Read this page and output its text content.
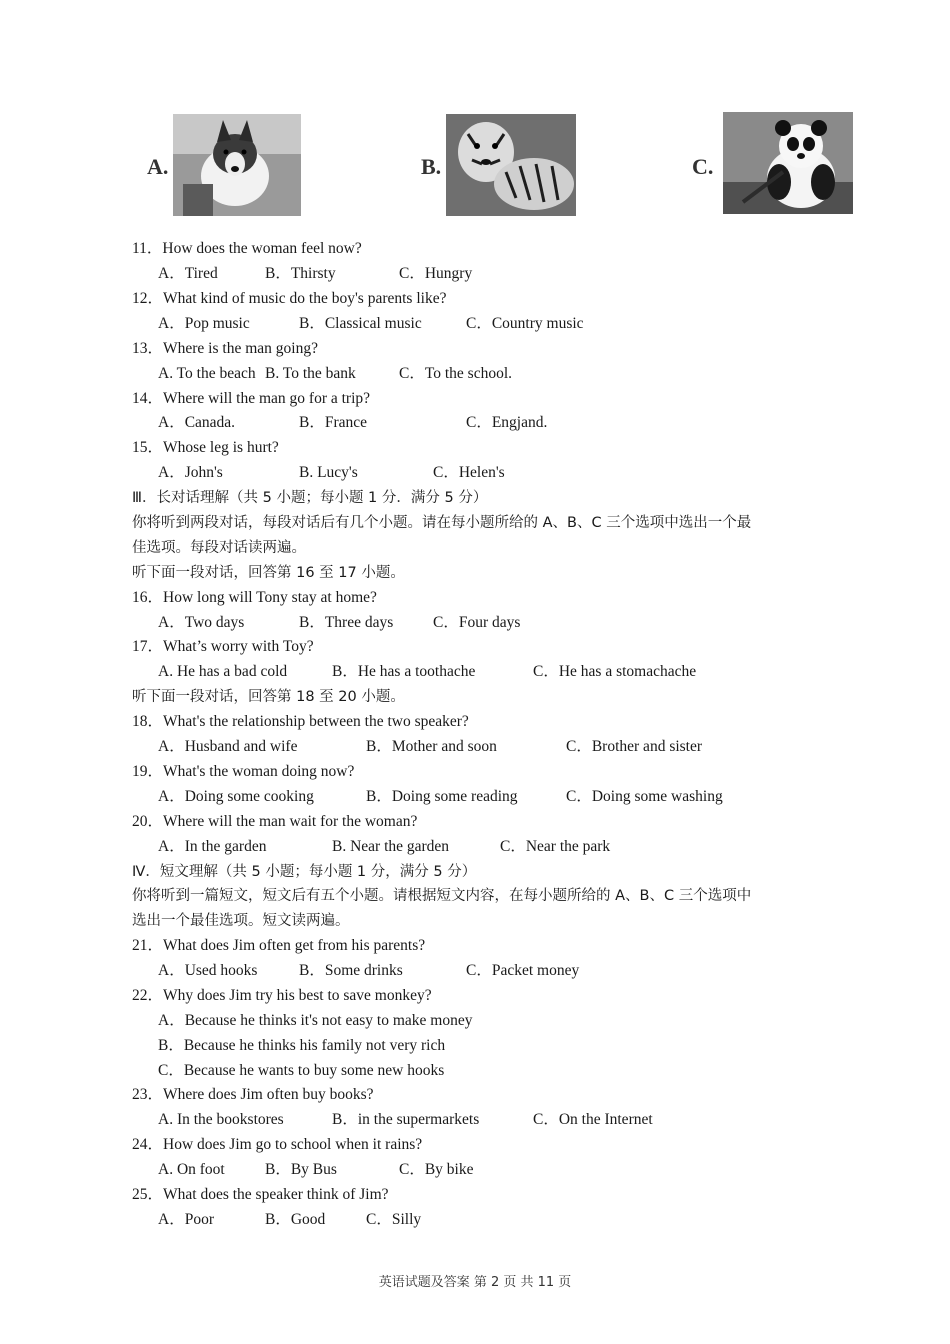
A.	B.	C.
11．How does the woman feel now?
A．Tired	B．Thirsty	C．Hungry
12．What kind of music do the boy's parents like?
A．Pop music	B．Classical music	C．Country music
13．Where is the man going?
A. To the beach B. To the bank	C．To the school.
14．Where will the man go for a trip?
A．Canada.	B．France	C．Engjand.
15．Whose leg is hurt?
A．John's	B. Lucy's	C．Helen's
Ⅲ．长对话理解（共 5 小题；每小题 1 分．满分 5 分）
你将听到两段对话，每段对话后有几个小题。请在每小题所给的 A、B、C 三个选项中选出一个最
佳选项。每段对话读两遍。
听下面一段对话，回答第 16 至 17 小题。
16．How long will Tony stay at home?
A．Two days	B．Three days	C．Four days
17．What’s worry with Toy?
A. He has a bad cold	B．He has a toothache	C．He has a stomachache
听下面一段对话，回答第 18 至 20 小题。
18．What's the relationship between the two speaker?
A．Husband and wife	B．Mother and soon	C．Brother and sister
19．What's the woman doing now?
A．Doing some cooking	B．Doing some reading	C．Doing some washing
20．Where will the man wait for the woman?
A．In the garden	B. Near the garden	C．Near the park
Ⅳ．短文理解（共 5 小题；每小题 1 分，满分 5 分）
你将听到一篇短文，短文后有五个小题。请根据短文内容，在每小题所给的 A、B、C 三个选项中
选出一个最佳选项。短文读两遍。
21．What does Jim often get from his parents?
A．Used hooks	B．Some drinks	C．Packet money
22．Why does Jim try his best to save monkey?
A．Because he thinks it's not easy to make money
B．Because he thinks his family not very rich
C．Because he wants to buy some new hooks
23．Where does Jim often buy books?
A. In the bookstores	B．in the supermarkets	C．On the Internet
24．How does Jim go to school when it rains?
A. On foot	B．By Bus	C．By bike
25．What does the speaker think of Jim?
A．Poor	B．Good	C．Silly
英语试题及答案 第 2 页 共 11 页
